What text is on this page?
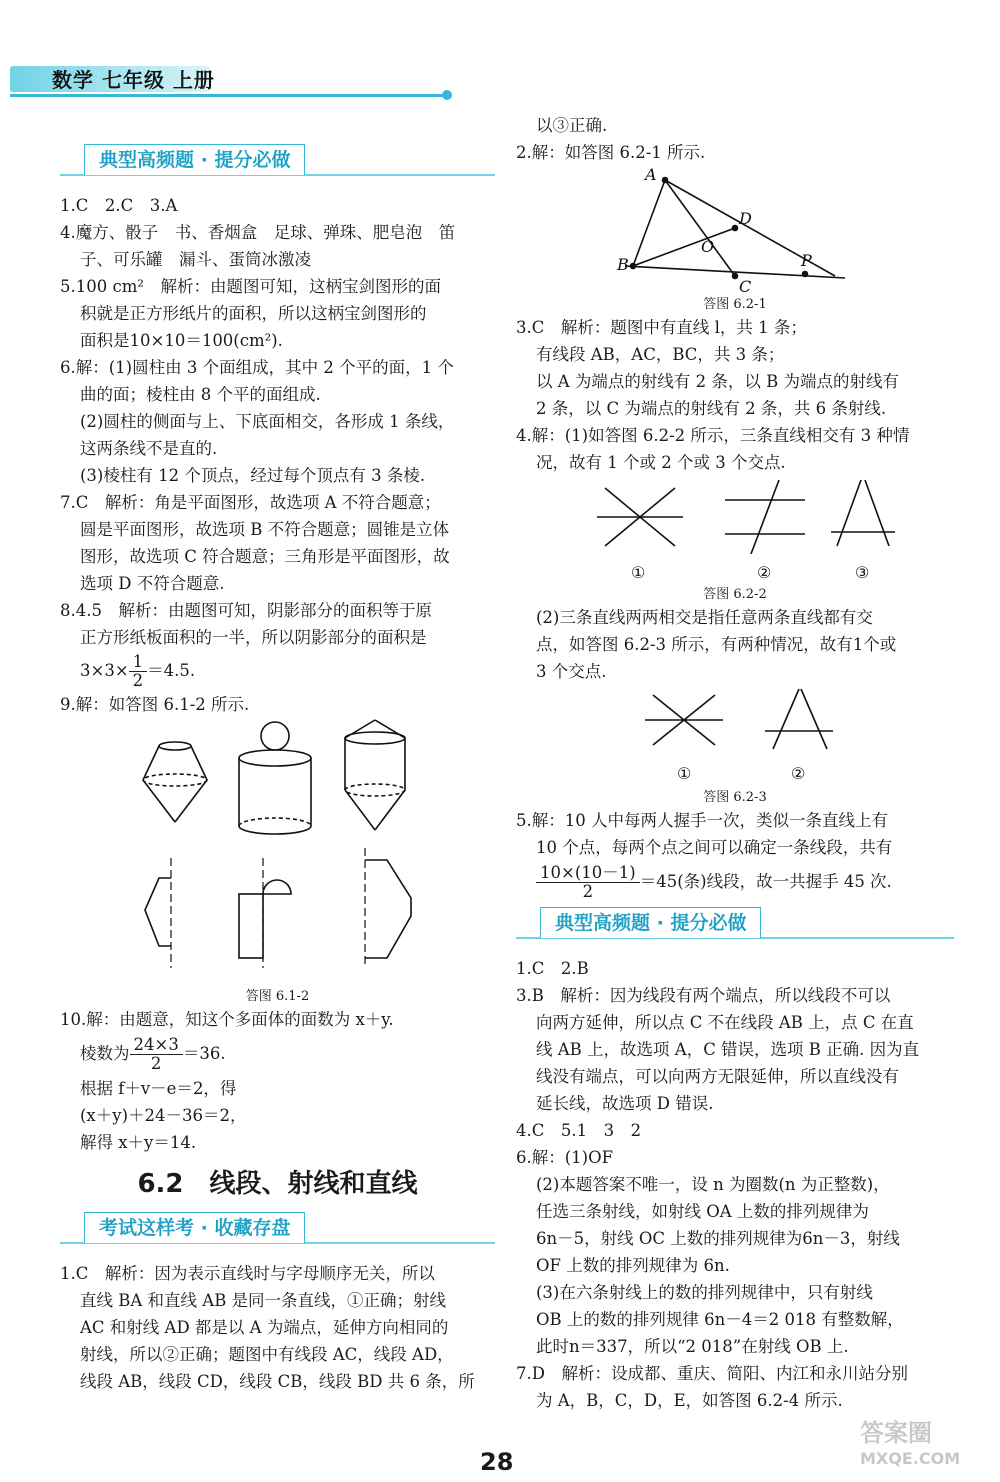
数学 七年级 上册
典型高频题 · 提分必做

1.C　2.C　3.A

4.魔方、骰子　书、香烟盒　足球、弹珠、肥皂泡　笛

子、可乐罐　漏斗、蛋筒冰激凌

5.100 cm²　解析：由题图可知，这柄宝剑图形的面

积就是正方形纸片的面积，所以这柄宝剑图形的

面积是10×10＝100(cm²).

6.解：(1)圆柱由 3 个面组成，其中 2 个平的面，1 个

曲的面；棱柱由 8 个平的面组成.

(2)圆柱的侧面与上、下底面相交，各形成 1 条线，

这两条线不是直的.

(3)棱柱有 12 个顶点，经过每个顶点有 3 条棱.

7.C　解析：角是平面图形，故选项 A 不符合题意；

圆是平面图形，故选项 B 不符合题意；圆锥是立体

图形，故选项 C 符合题意；三角形是平面图形，故

选项 D 不符合题意.

8.4.5　解析：由题图可知，阴影部分的面积等于原

正方形纸板面积的一半，所以阴影部分的面积是

$3\times 3\times \frac{1}{2} =4.5$.

9.解：如答图 6.1-2 所示.

答图 6.1-2

10.解：由题意，知这个多面体的面数为 x＋y.

棱数为 $\frac{24\times 3}{2} =36$.

根据 f＋v－e＝2，得

(x＋y)＋24－36＝2，

解得 x＋y＝14.

6.2　线段、射线和直线
考试这样考 · 收藏存盘

1.C　解析：因为表示直线时与字母顺序无关，所以

直线 BA 和直线 AB 是同一条直线，①正确；射线

AC 和射线 AD 都是以 A 为端点，延伸方向相同的

射线，所以②正确；题图中有线段 AC，线段 AD，

线段 AB，线段 CD，线段 CB，线段 BD 共 6 条，所

以③正确.

2.解：如答图 6.2-1 所示.

A
B
C
D
O
P
答图 6.2-1

3.C　解析：题图中有直线 l，共 1 条；

有线段 AB，AC，BC，共 3 条；

以 A 为端点的射线有 2 条，以 B 为端点的射线有

2 条，以 C 为端点的射线有 2 条，共 6 条射线.

4.解：(1)如答图 6.2-2 所示，三条直线相交有 3 种情

况，故有 1 个或 2 个或 3 个交点.

①	②	③
答图 6.2-2

(2)三条直线两两相交是指任意两条直线都有交

点，如答图 6.2-3 所示，有两种情况，故有1个或

3 个交点.

①	②
答图 6.2-3

5.解：10 人中每两人握手一次，类似一条直线上有

10 个点，每两个点之间可以确定一条线段，共有

$\frac{10\times(10-1)}{2} =45$(条)线段，故一共握手 45 次.

典型高频题 · 提分必做

1.C　2.B

3.B　解析：因为线段有两个端点，所以线段不可以

向两方延伸，所以点 C 不在线段 AB 上，点 C 在直

线 AB 上，故选项 A，C 错误，选项 B 正确. 因为直

线没有端点，可以向两方无限延伸，所以直线没有

延长线，故选项 D 错误.

4.C　5.1　3　2

6.解：(1)OF

(2)本题答案不唯一，设 n 为圈数(n 为正整数)，

任选三条射线，如射线 OA 上数的排列规律为

6n－5，射线 OC 上数的排列规律为6n－3，射线

OF 上数的排列规律为 6n.

(3)在六条射线上的数的排列规律中，只有射线

OB 上的数的排列规律 6n－4＝2 018 有整数解，

此时n＝337，所以“2 018”在射线 OB 上.

7.D　解析：设成都、重庆、简阳、内江和永川站分别

为 A，B，C，D，E，如答图 6.2-4 所示.

28
答案圈
MXQE.COM
